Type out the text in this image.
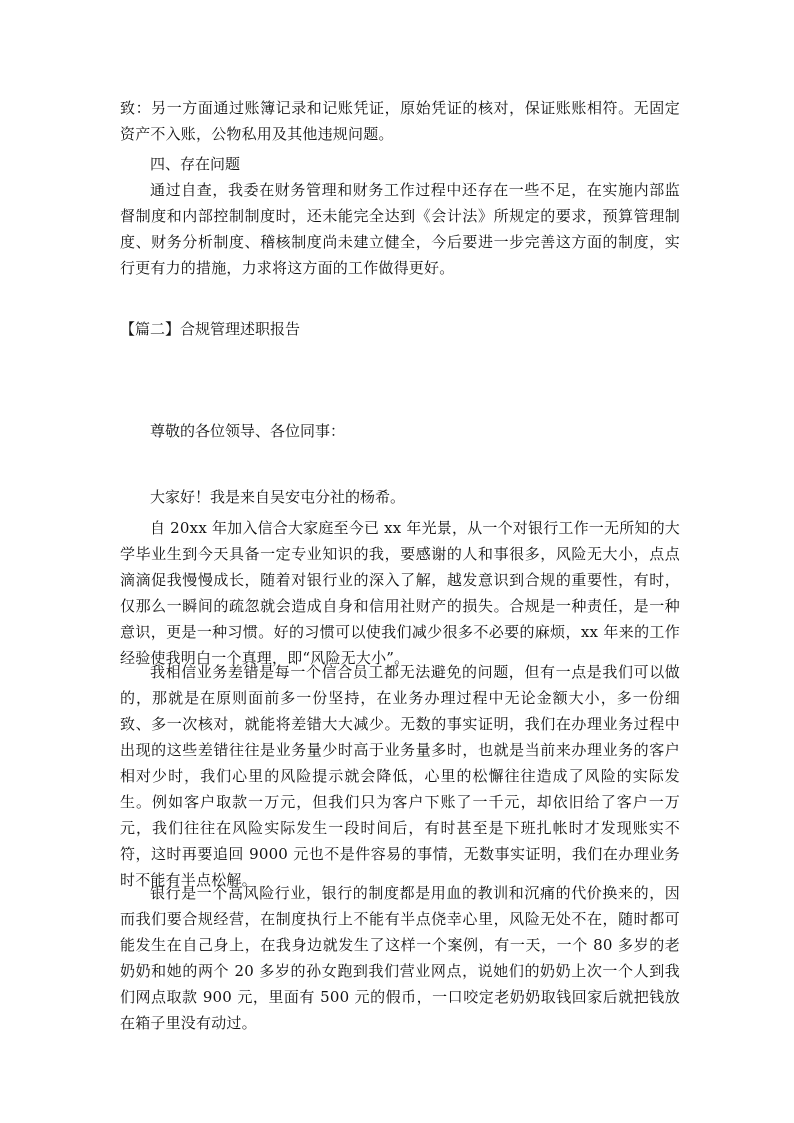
致：另一方面通过账簿记录和记账凭证，原始凭证的核对，保证账账相符。无固定资产不入账，公物私用及其他违规问题。

四、存在问题

通过自查，我委在财务管理和财务工作过程中还存在一些不足，在实施内部监督制度和内部控制制度时，还未能完全达到《会计法》所规定的要求，预算管理制度、财务分析制度、稽核制度尚未建立健全，今后要进一步完善这方面的制度，实行更有力的措施，力求将这方面的工作做得更好。

【篇二】合规管理述职报告

尊敬的各位领导、各位同事：

大家好！我是来自吴安屯分社的杨希。

自 20xx 年加入信合大家庭至今已 xx 年光景，从一个对银行工作一无所知的大学毕业生到今天具备一定专业知识的我，要感谢的人和事很多，风险无大小，点点滴滴促我慢慢成长，随着对银行业的深入了解，越发意识到合规的重要性，有时，仅那么一瞬间的疏忽就会造成自身和信用社财产的损失。合规是一种责任，是一种意识，更是一种习惯。好的习惯可以使我们减少很多不必要的麻烦，xx 年来的工作经验使我明白一个真理，即“风险无大小”。

我相信业务差错是每一个信合员工都无法避免的问题，但有一点是我们可以做的，那就是在原则面前多一份坚持，在业务办理过程中无论金额大小，多一份细致、多一次核对，就能将差错大大减少。无数的事实证明，我们在办理业务过程中出现的这些差错往往是业务量少时高于业务量多时，也就是当前来办理业务的客户相对少时，我们心里的风险提示就会降低，心里的松懈往往造成了风险的实际发生。例如客户取款一万元，但我们只为客户下账了一千元，却依旧给了客户一万元，我们往往在风险实际发生一段时间后，有时甚至是下班扎帐时才发现账实不符，这时再要追回 9000 元也不是件容易的事情，无数事实证明，我们在办理业务时不能有半点松解。

银行是一个高风险行业，银行的制度都是用血的教训和沉痛的代价换来的，因而我们要合规经营，在制度执行上不能有半点侥幸心里，风险无处不在，随时都可能发生在自己身上，在我身边就发生了这样一个案例，有一天，一个 80 多岁的老奶奶和她的两个 20 多岁的孙女跑到我们营业网点，说她们的奶奶上次一个人到我们网点取款 900 元，里面有 500 元的假币，一口咬定老奶奶取钱回家后就把钱放在箱子里没有动过。
